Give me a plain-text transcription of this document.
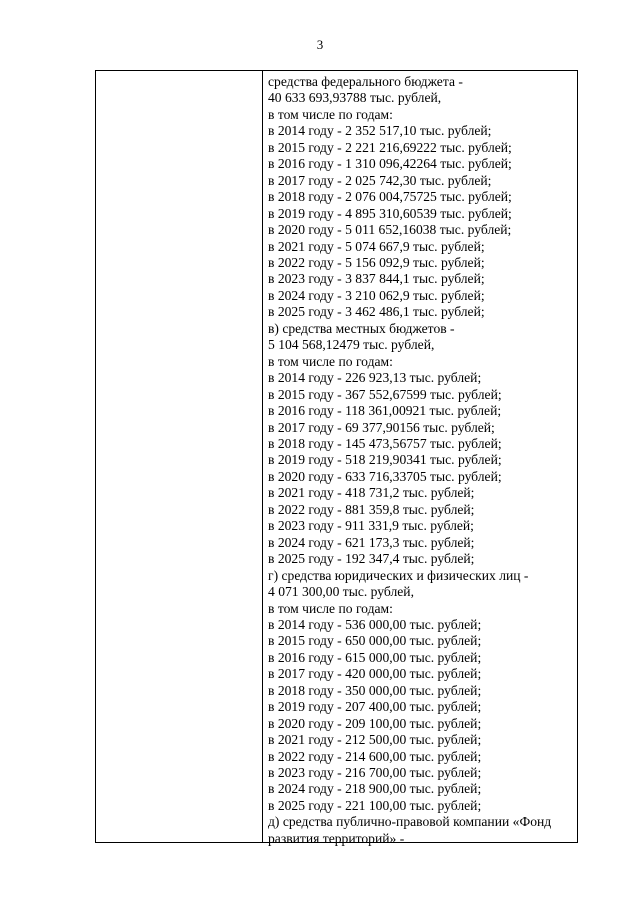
3
средства федерального бюджета -
40 633 693,93788 тыс. рублей,
в том числе по годам:
в 2014 году - 2 352 517,10 тыс. рублей;
в 2015 году - 2 221 216,69222 тыс. рублей;
в 2016 году - 1 310 096,42264 тыс. рублей;
в 2017 году - 2 025 742,30 тыс. рублей;
в 2018 году - 2 076 004,75725 тыс. рублей;
в 2019 году - 4 895 310,60539 тыс. рублей;
в 2020 году - 5 011 652,16038 тыс. рублей;
в 2021 году - 5 074 667,9 тыс. рублей;
в 2022 году - 5 156 092,9 тыс. рублей;
в 2023 году - 3 837 844,1 тыс. рублей;
в 2024 году - 3 210 062,9 тыс. рублей;
в 2025 году - 3 462 486,1 тыс. рублей;
в) средства местных бюджетов -
5 104 568,12479 тыс. рублей,
в том числе по годам:
в 2014 году - 226 923,13 тыс. рублей;
в 2015 году - 367 552,67599 тыс. рублей;
в 2016 году - 118 361,00921 тыс. рублей;
в 2017 году - 69 377,90156 тыс. рублей;
в 2018 году - 145 473,56757 тыс. рублей;
в 2019 году - 518 219,90341 тыс. рублей;
в 2020 году - 633 716,33705 тыс. рублей;
в 2021 году - 418 731,2 тыс. рублей;
в 2022 году - 881 359,8 тыс. рублей;
в 2023 году - 911 331,9 тыс. рублей;
в 2024 году - 621 173,3 тыс. рублей;
в 2025 году - 192 347,4 тыс. рублей;
г) средства юридических и физических лиц -
4 071 300,00 тыс. рублей,
в том числе по годам:
в 2014 году - 536 000,00 тыс. рублей;
в 2015 году - 650 000,00 тыс. рублей;
в 2016 году - 615 000,00 тыс. рублей;
в 2017 году - 420 000,00 тыс. рублей;
в 2018 году - 350 000,00 тыс. рублей;
в 2019 году - 207 400,00 тыс. рублей;
в 2020 году - 209 100,00 тыс. рублей;
в 2021 году - 212 500,00 тыс. рублей;
в 2022 году - 214 600,00 тыс. рублей;
в 2023 году - 216 700,00 тыс. рублей;
в 2024 году - 218 900,00 тыс. рублей;
в 2025 году - 221 100,00 тыс. рублей;
д) средства публично-правовой компании «Фонд
развития территорий» -
